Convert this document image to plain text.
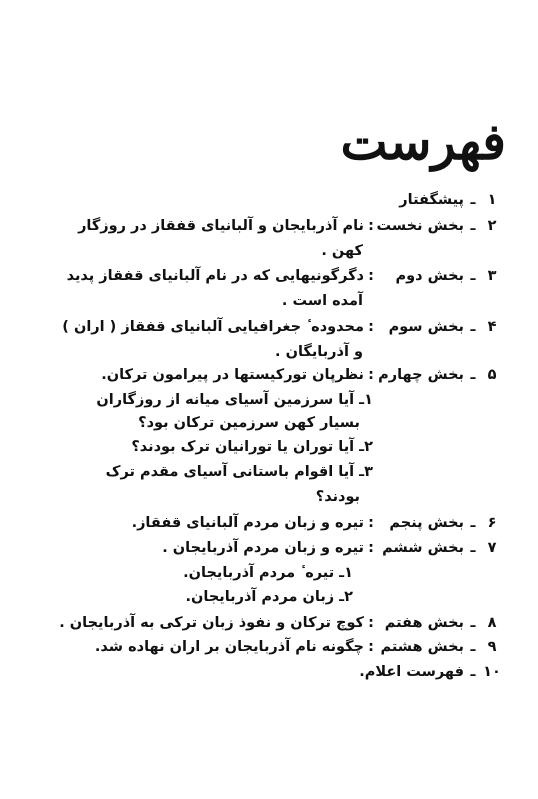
فهرست
۱
ـ
پیشگفتار
۲
ـ
بخش نخست
:
نام آذربایجان و آلبانیای قفقاز در روزگار
کهن .
۳
ـ
بخش دوم
:
دگرگونیهایی که در نام آلبانیای قفقاز پدید
آمده است .
۴
ـ
بخش سوم
:
محدوده ٔ جغرافیایی آلبانیای قفقاز ( اران )
و آذربایگان .
۵
ـ
بخش چهارم
:
نظرپان تورکیستها در پیرامون ترکان.
۱ـ آیا سرزمین آسیای میانه از روزگاران
بسیار کهن سرزمین ترکان بود؟
۲ـ آیا توران یا تورانیان ترک بودند؟
۳ـ آیا اقوام باستانی آسیای مقدم ترک
بودند؟
۶
ـ
بخش پنجم
:
تیره و زبان مردم آلبانیای قفقاز.
۷
ـ
بخش ششم
:
تیره و زبان مردم آذربایجان .
۱ـ تیره ٔ مردم آذربایجان.
۲ـ زبان مردم آذربایجان.
۸
ـ
بخش هفتم
:
کوچ ترکان و نفوذ زبان ترکی به آذربایجان .
۹
ـ
بخش هشتم
:
چگونه نام آذربایجان بر اران نهاده شد.
۱۰
ـ
فهرست اعلام.
